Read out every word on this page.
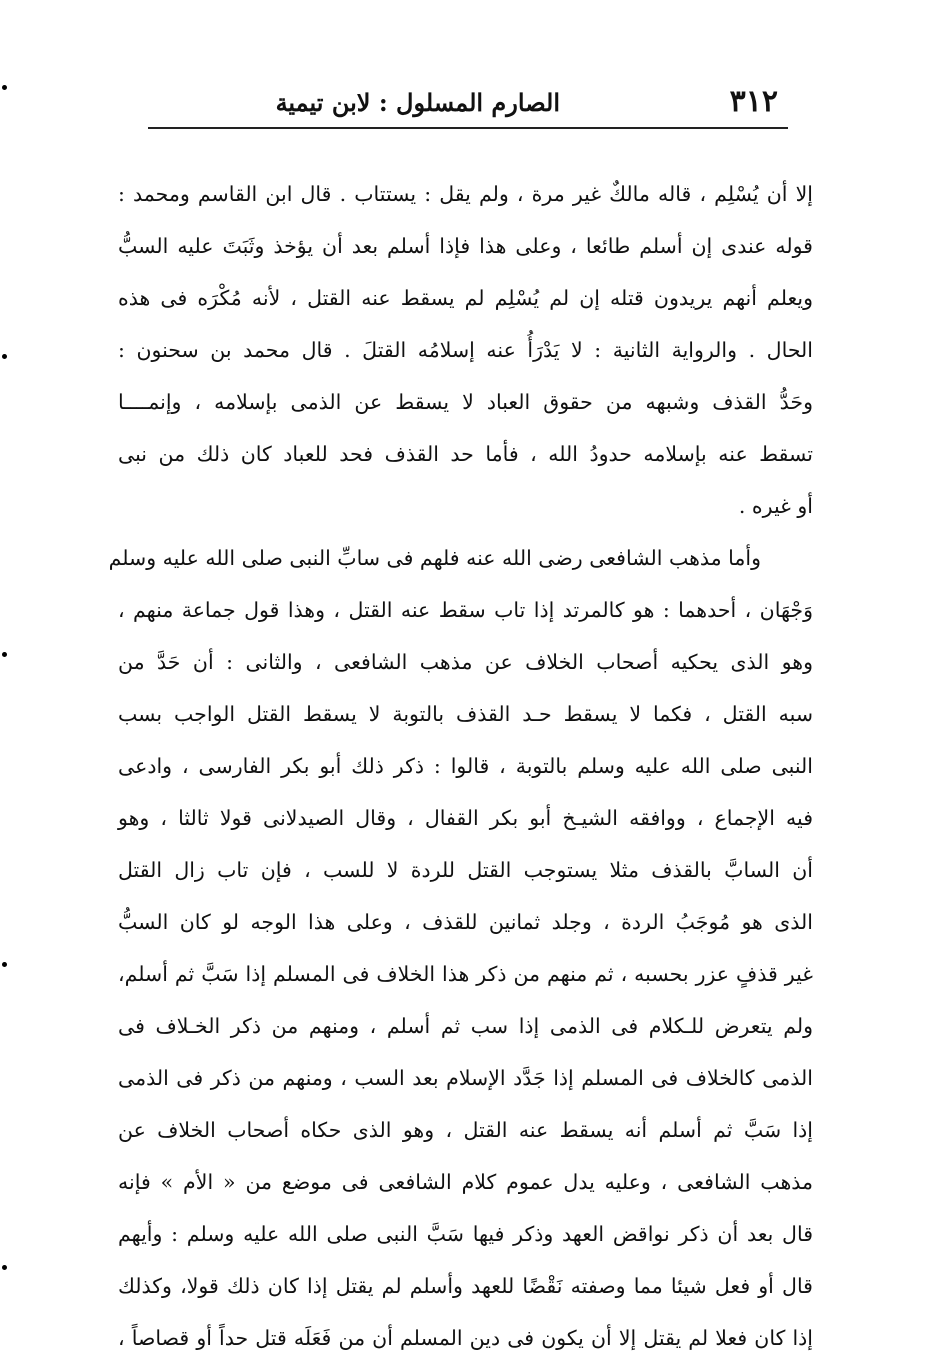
٣١٢
الصارم المسلول : لابن تيمية
إلا أن يُسْلِم ، قاله مالكٌ غير مرة ، ولم يقل : يستتاب . قال ابن القاسم ومحمد :
قوله عندى إن أسلم طائعا ، وعلى هذا فإذا أسلم بعد أن يؤخذ وثَبَتَ عليه السبُّ
ويعلم أنهم يريدون قتله إن لم يُسْلِم لم يسقط عنه القتل ، لأنه مُكْرَه فى هذه
الحال . والرواية الثانية : لا يَدْرَأُ عنه إسلامُه القتلَ . قال محمد بن سحنون :
وحَدُّ القذف وشبهه من حقوق العباد لا يسقط عن الذمى بإسلامه ، وإنمــــا
تسقط عنه بإسلامه حدودُ الله ، فأما حد القذف فحد للعباد كان ذلك من نبى
أو غيره .
وأما مذهب الشافعى رضى الله عنه فلهم فى سابِّ النبى صلى الله عليه وسلم
وَجْهَان ، أحدهما : هو كالمرتد إذا تاب سقط عنه القتل ، وهذا قول جماعة منهم ،
وهو الذى يحكيه أصحاب الخلاف عن مذهب الشافعى ، والثانى : أن حَدَّ من
سبه القتل ، فكما لا يسقط حـد القذف بالتوبة لا يسقط القتل الواجب بسب
النبى صلى الله عليه وسلم بالتوبة ، قالوا : ذكر ذلك أبو بكر الفارسى ، وادعى
فيه الإجماع ، ووافقه الشيـخ أبو بكر القفال ، وقال الصيدلانى قولا ثالثا ، وهو
أن السابَّ بالقذف مثلا يستوجب القتل للردة لا للسب ، فإن تاب زال القتل
الذى هو مُوجَبُ الردة ، وجلد ثمانين للقذف ، وعلى هذا الوجه لو كان السبُّ
غير قذفٍ عزر بحسبه ، ثم منهم من ذكر هذا الخلاف فى المسلم إذا سَبَّ ثم أسلم،
ولم يتعرض للـكلام فى الذمى إذا سب ثم أسلم ، ومنهم من ذكر الخـلاف فى
الذمى كالخلاف فى المسلم إذا جَدَّد الإسلام بعد السب ، ومنهم من ذكر فى الذمى
إذا سَبَّ ثم أسلم أنه يسقط عنه القتل ، وهو الذى حكاه أصحاب الخلاف عن
مذهب الشافعى ، وعليه يدل عموم كلام الشافعى فى موضع من « الأم » فإنه
قال بعد أن ذكر نواقض العهد وذكر فيها سَبَّ النبى صلى الله عليه وسلم : وأيهم
قال أو فعل شيئا مما وصفته نَقْضًا للعهد وأسلم لم يقتل إذا كان ذلك قولا، وكذلك
إذا كان فعلا لم يقتل إلا أن يكون فى دين المسلم أن من فَعَلَه قتل حداً أو قصاصاً ،
